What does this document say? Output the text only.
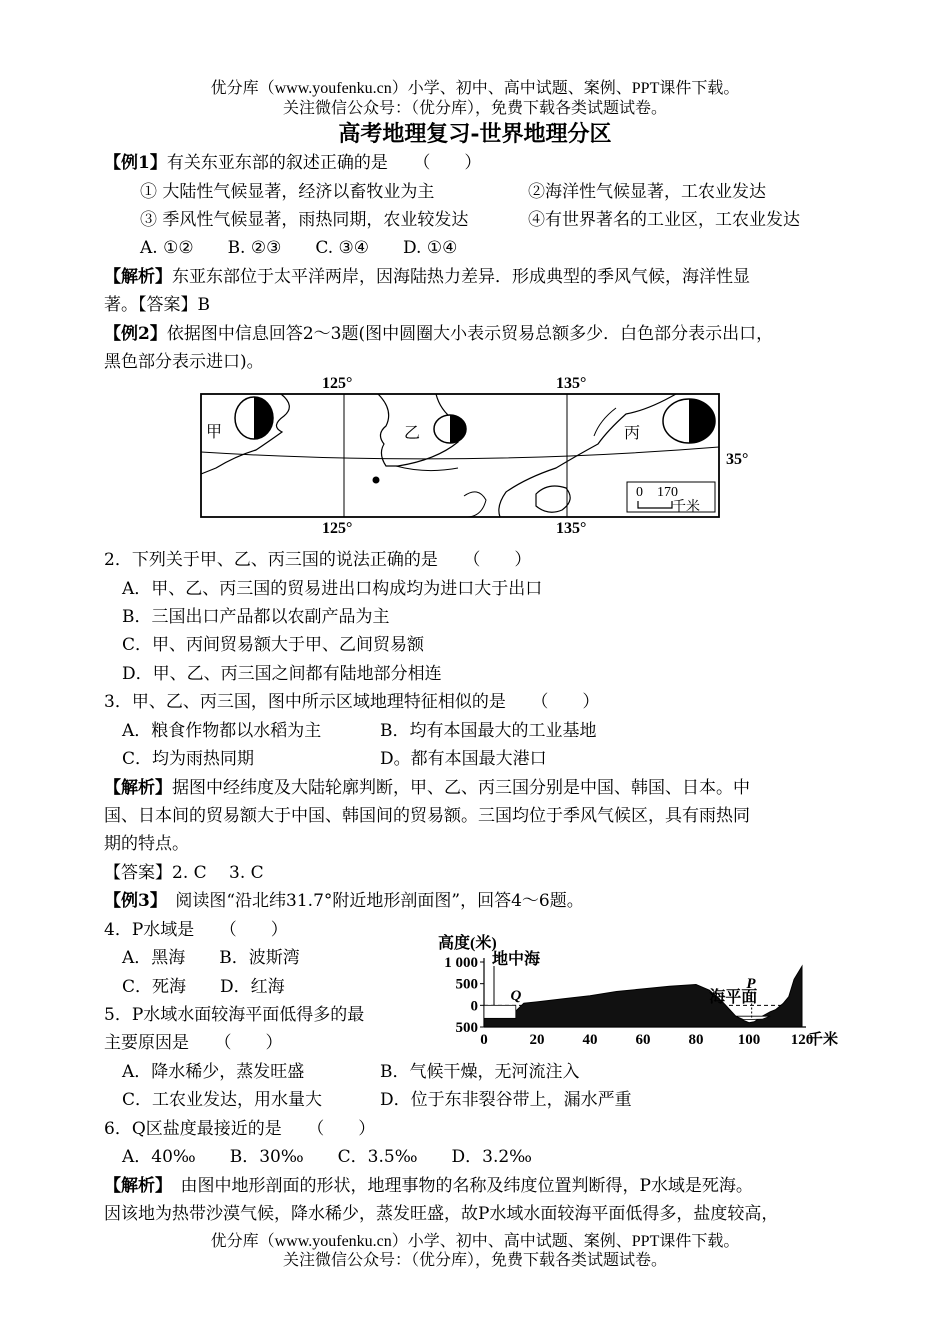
优分库（www.youfenku.cn）小学、初中、高中试题、案例、PPT课件下载。
关注微信公众号：（优分库），免费下载各类试题试卷。
高考地理复习-世界地理分区
【例1】有关东亚东部的叙述正确的是　　（　　）
① 大陆性气候显著，经济以畜牧业为主	②海洋性气候显著，工农业发达
③ 季风性气候显著，雨热同期，农业较发达	④有世界著名的工业区，工农业发达
A. ①②　　B. ②③　　C. ③④　　D. ①④
【解析】东亚东部位于太平洋两岸，因海陆热力差异．形成典型的季风气候，海洋性显
著。【答案】B
【例2】依据图中信息回答2～3题(图中圆圈大小表示贸易总额多少．白色部分表示出口，
黑色部分表示进口)。
125°	135°
125°	135°
35°
甲	乙	丙
0　170
千米
2．下列关于甲、乙、丙三国的说法正确的是　　（　　）
A．甲、乙、丙三国的贸易进出口构成均为进口大于出口
B．三国出口产品都以农副产品为主
C．甲、丙间贸易额大于甲、乙间贸易额
D．甲、乙、丙三国之间都有陆地部分相连
3．甲、乙、丙三国，图中所示区域地理特征相似的是　　（　　）
A．粮食作物都以水稻为主	B．均有本国最大的工业基地
C．均为雨热同期	D。都有本国最大港口
【解析】据图中经纬度及大陆轮廓判断，甲、乙、丙三国分别是中国、韩国、日本。中
国、日本间的贸易额大于中国、韩国间的贸易额。三国均位于季风气候区，具有雨热同
期的特点。
【答案】2. C　 3. C
【例3】　阅读图“沿北纬31.7°附近地形剖面图”，回答4～6题。
4．P水域是　　（　　）
A．黑海　　B．波斯湾
C．死海　　D．红海
5．P水域水面较海平面低得多的最
主要原因是　　（　　）
A．降水稀少，蒸发旺盛	B．气候干燥，无河流注入
C．工农业发达，用水量大	D．位于东非裂谷带上，漏水严重
6．Q区盐度最接近的是　　（　　）
A．40‰　　B．30‰　　C．3.5‰　　D．3.2‰
【解析】　由图中地形剖面的形状，地理事物的名称及纬度位置判断得，P水域是死海。
因该地为热带沙漠气候，降水稀少，蒸发旺盛，故P水域水面较海平面低得多，盐度较高，
高度(米)
1 000
500
0
500
0	20	40	60	80 100 120
千米
地中海
Q
P
海平面
优分库（www.youfenku.cn）小学、初中、高中试题、案例、PPT课件下载。
关注微信公众号：（优分库），免费下载各类试题试卷。
